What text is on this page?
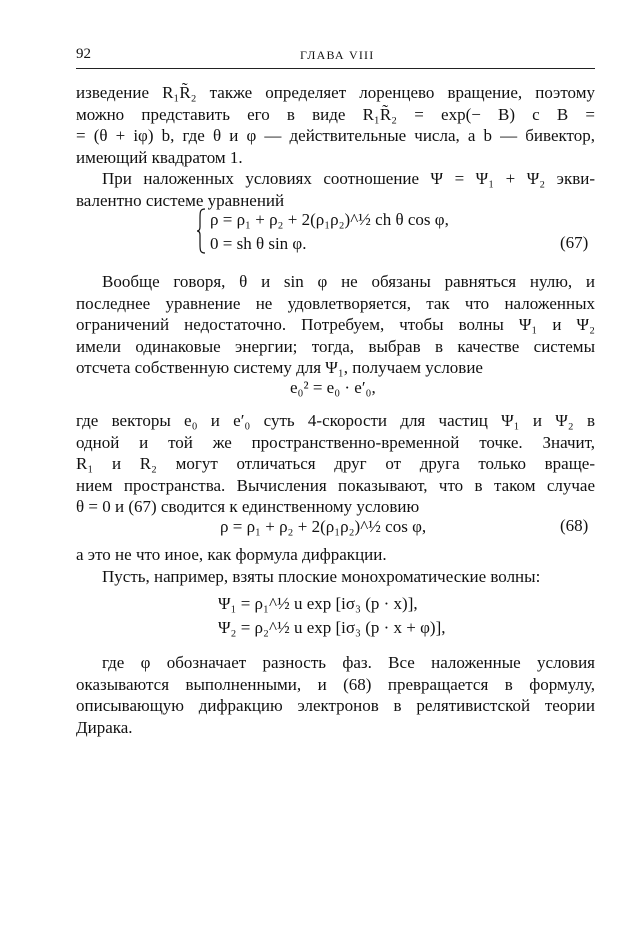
92	ГЛАВА VIII
изведение R₁R̃₂ также определяет лоренцево вращение, поэтому
можно представить его в виде R₁R̃₂ = exp(− B) с B =
= (θ + iφ) b, где θ и φ — действительные числа, а b — бивектор,
имеющий квадратом 1.
При наложенных условиях соотношение Ψ = Ψ₁ + Ψ₂ экви-
валентно системе уравнений
ρ = ρ₁ + ρ₂ + 2(ρ₁ρ₂)^½ ch θ cos φ,
0 = sh θ sin φ.	(67)
Вообще говоря, θ и sin φ не обязаны равняться нулю, и
последнее уравнение не удовлетворяется, так что наложенных
ограничений недостаточно. Потребуем, чтобы волны Ψ₁ и Ψ₂
имели одинаковые энергии; тогда, выбрав в качестве системы
отсчета собственную систему для Ψ₁, получаем условие
e₀² = e₀ · e′₀,
где векторы e₀ и e′₀ суть 4-скорости для частиц Ψ₁ и Ψ₂ в
одной и той же пространственно-временной точке. Значит,
R₁ и R₂ могут отличаться друг от друга только враще-
нием пространства. Вычисления показывают, что в таком случае
θ = 0 и (67) сводится к единственному условию
ρ = ρ₁ + ρ₂ + 2(ρ₁ρ₂)^½ cos φ,	(68)
а это не что иное, как формула дифракции.
Пусть, например, взяты плоские монохроматические волны:
Ψ₁ = ρ₁^½ u exp [iσ₃ (p · x)],
Ψ₂ = ρ₂^½ u exp [iσ₃ (p · x + φ)],
где φ обозначает разность фаз. Все наложенные условия
оказываются выполненными, и (68) превращается в формулу,
описывающую дифракцию электронов в релятивистской теории
Дирака.
